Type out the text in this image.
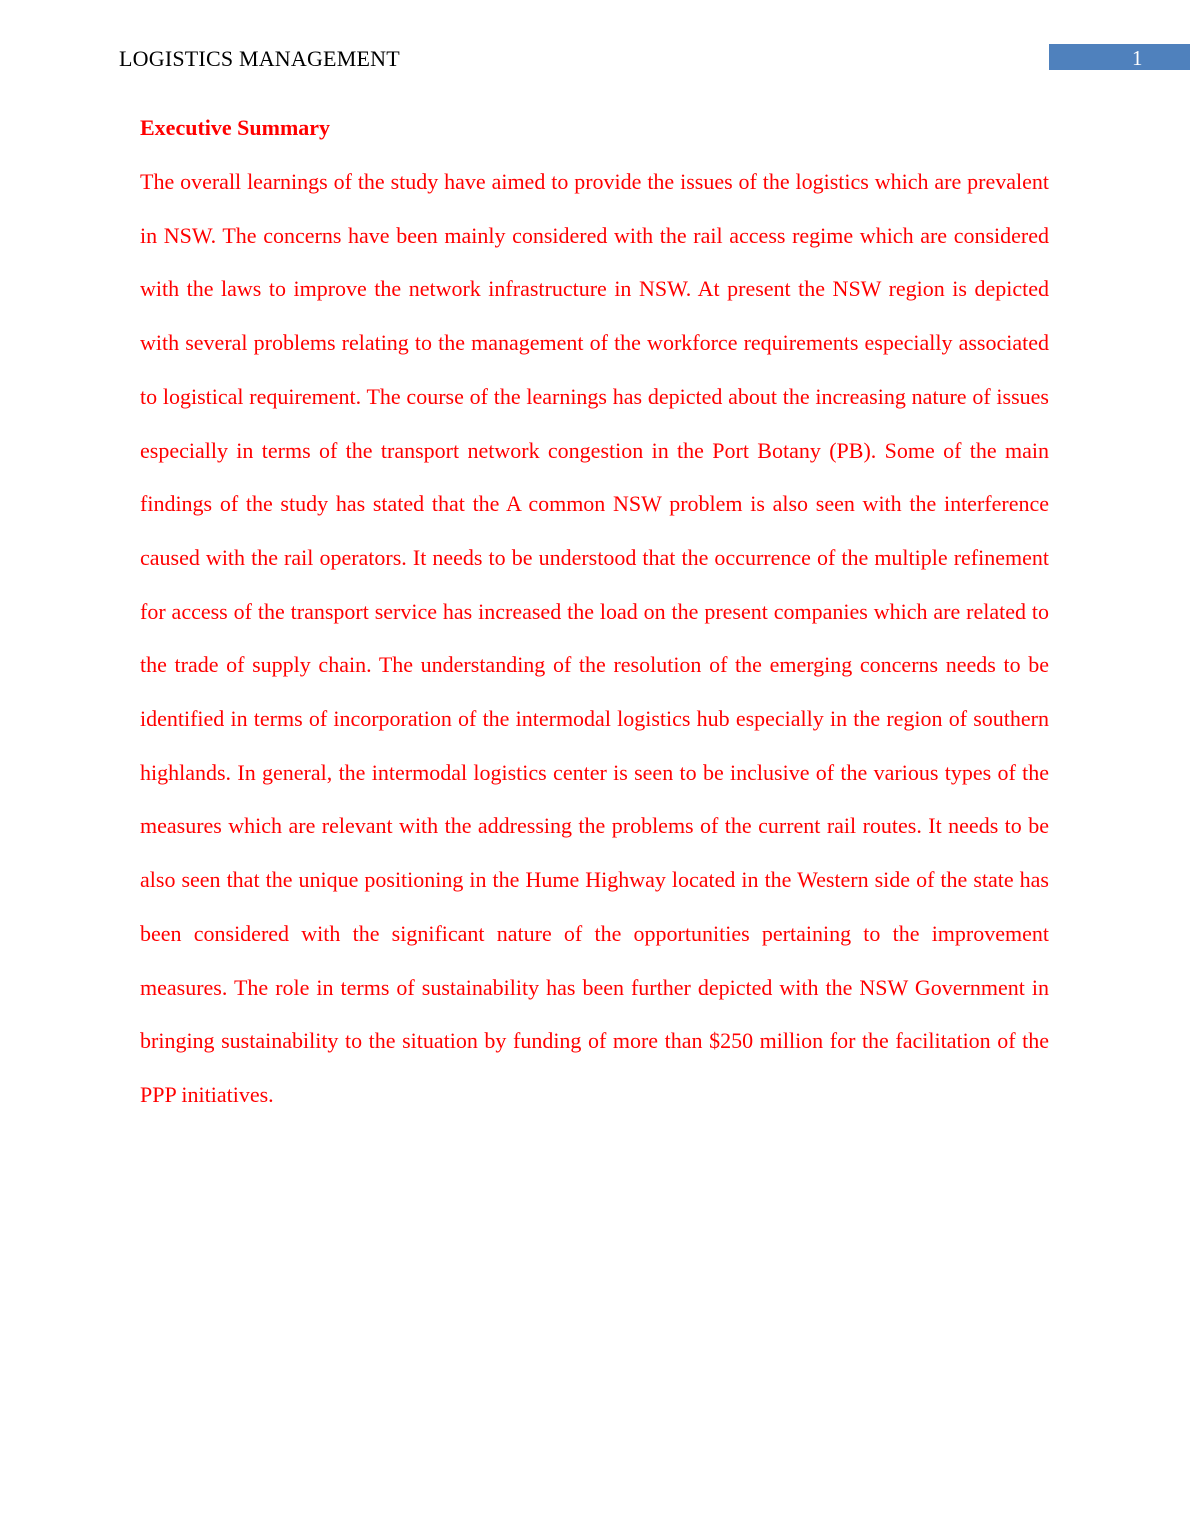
LOGISTICS MANAGEMENT	1
Executive Summary

The overall learnings of the study have aimed to provide the issues of the logistics which are prevalent in NSW. The concerns have been mainly considered with the rail access regime which are considered with the laws to improve the network infrastructure in NSW. At present the NSW region is depicted with several problems relating to the management of the workforce requirements especially associated to logistical requirement. The course of the learnings has depicted about the increasing nature of issues especially in terms of the transport network congestion in the Port Botany (PB). Some of the main findings of the study has stated that the A common NSW problem is also seen with the interference caused with the rail operators. It needs to be understood that the occurrence of the multiple refinement for access of the transport service has increased the load on the present companies which are related to the trade of supply chain. The understanding of the resolution of the emerging concerns needs to be identified in terms of incorporation of the intermodal logistics hub especially in the region of southern highlands. In general, the intermodal logistics center is seen to be inclusive of the various types of the measures which are relevant with the addressing the problems of the current rail routes. It needs to be also seen that the unique positioning in the Hume Highway located in the Western side of the state has been considered with the significant nature of the opportunities pertaining to the improvement measures. The role in terms of sustainability has been further depicted with the NSW Government in bringing sustainability to the situation by funding of more than $250 million for the facilitation of the PPP initiatives.
